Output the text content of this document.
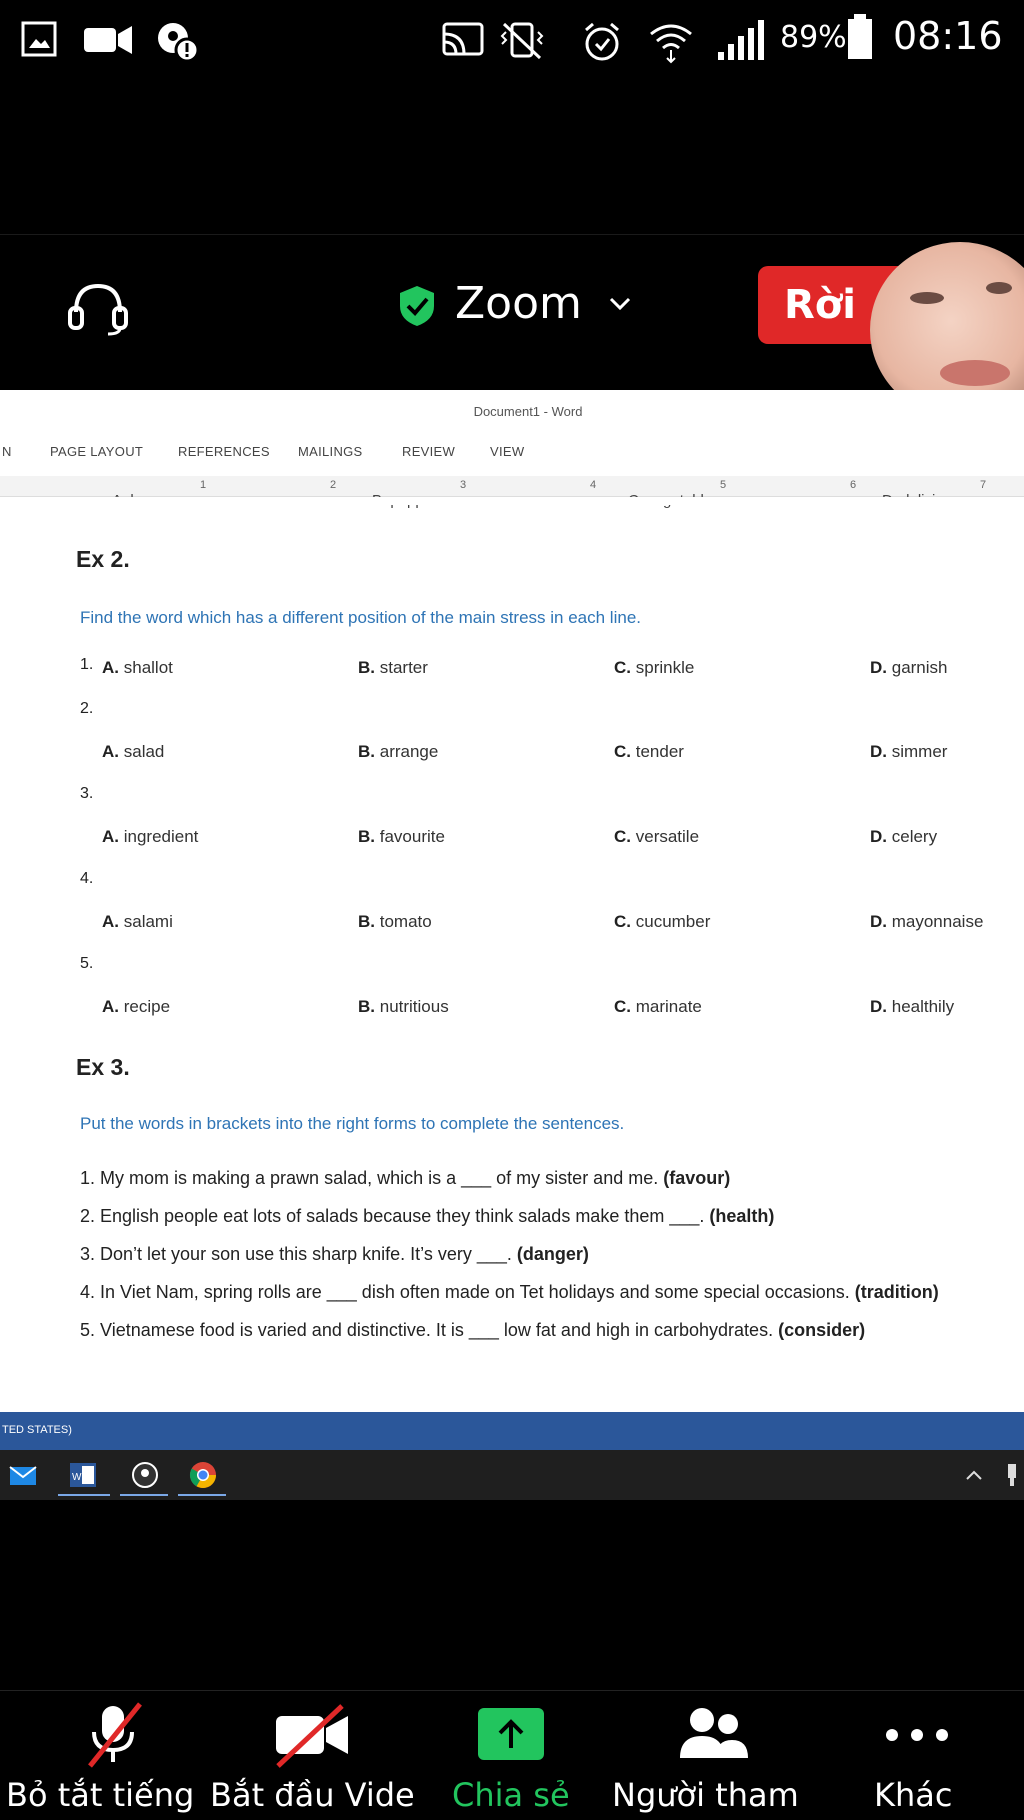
89% 08:16
Zoom	Rời
Document1 - Word
N	PAGE LAYOUT	REFERENCES MAILINGS	REVIEW	VIEW
1	2	3	4	5	6	7
Ex 2.
Find the word which has a different position of the main stress in each line.
1. A. shallot	B. starter	C. sprinkle	D. garnish
2.
A. salad	B. arrange	C. tender	D. simmer
3.
A. ingredient	B. favourite	C. versatile	D. celery
4.
A. salami	B. tomato	C. cucumber	D. mayonnaise
5.
A. recipe	B. nutritious	C. marinate	D. healthily
Ex 3.
Put the words in brackets into the right forms to complete the sentences.
1. My mom is making a prawn salad, which is a ___ of my sister and me. (favour)
2. English people eat lots of salads because they think salads make them ___. (health)
3. Don’t let your son use this sharp knife. It’s very ___. (danger)
4. In Viet Nam, spring rolls are ___ dish often made on Tet holidays and some special occasions. (tradition)
5. Vietnamese food is varied and distinctive. It is ___ low fat and high in carbohydrates. (consider)
TED STATES)
W
Bỏ tắt tiếng Bắt đầu Vide Chia sẻ Người tham Khác
